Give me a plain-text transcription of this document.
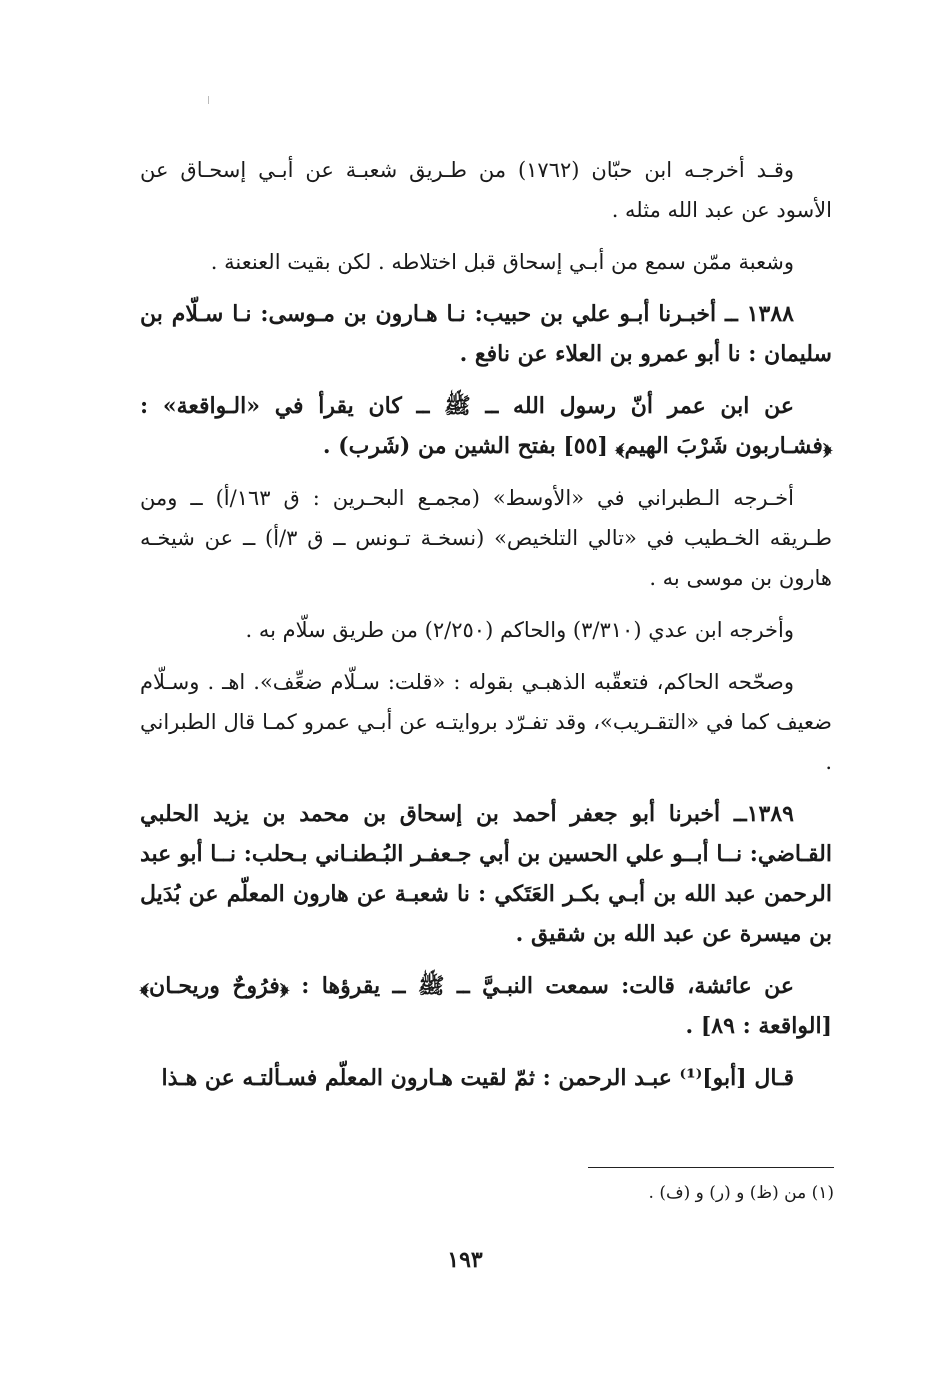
وقـد أخرجـه ابن حبّان (١٧٦٢) من طـريق شعبـة عن أبـي إسحـاق عن الأسود عن عبد الله مثله .

وشعبة ممّن سمع من أبـي إسحاق قبل اختلاطه . لكن بقيت العنعنة .

١٣٨٨ ــ أخبـرنا أبـو علي بن حبيب: نـا هـارون بن مـوسى: نـا سـلّام بن سليمان : نا أبو عمرو بن العلاء عن نافع .

عن ابن عمر أنّ رسول الله ــ ﷺ ــ كان يقرأ في «الـواقعة» : ﴿فشـاربون شَرْبَ الهيم﴾ [٥٥] بفتح الشين من (شَرب) .

أخـرجه الـطبراني في «الأوسط» (مجمـع البحـرين : ق ١٦٣/أ) ــ ومن طـريقه الخـطيب في «تالي التلخيص» (نسخـة تـونس ــ ق ٣/أ) ــ عن شيخـه هارون بن موسى به .

وأخرجه ابن عدي (٣/٣١٠) والحاكم (٢/٢٥٠) من طريق سلّام به .

وصحّحه الحاكم، فتعقّبه الذهبـي بقوله : «قلت: سـلّام ضعِّف». اهـ . وسـلّام ضعيف كما في «التقـريب»، وقد تفـرّد بروايتـه عن أبـي عمرو كمـا قال الطبراني .

١٣٨٩ــ أخبرنا أبو جعفر أحمد بن إسحاق بن محمد بن يزيد الحلبي القـاضي: نــا أبــو علي الحسين بن أبي جـعفـر البُـطنـاني بـحلب: نــا أبو عبد الرحمن عبد الله بن أبـي بكـر العَتَكي : نا شعبـة عن هارون المعلّم عن بُدَيل بن ميسرة عن عبد الله بن شقيق .

عن عائشة، قالت: سمعت النبـيَّ ــ ﷺ ــ يقرؤها : ﴿فرُوحٌ وريحـان﴾ [الواقعة : ٨٩] .

قـال [أبو]⁽¹⁾ عبـد الرحمن : ثمّ لقيت هـارون المعلّم فسـألتـه عن هـذا

(١) من (ظ) و (ر) و (ف) .
١٩٣
